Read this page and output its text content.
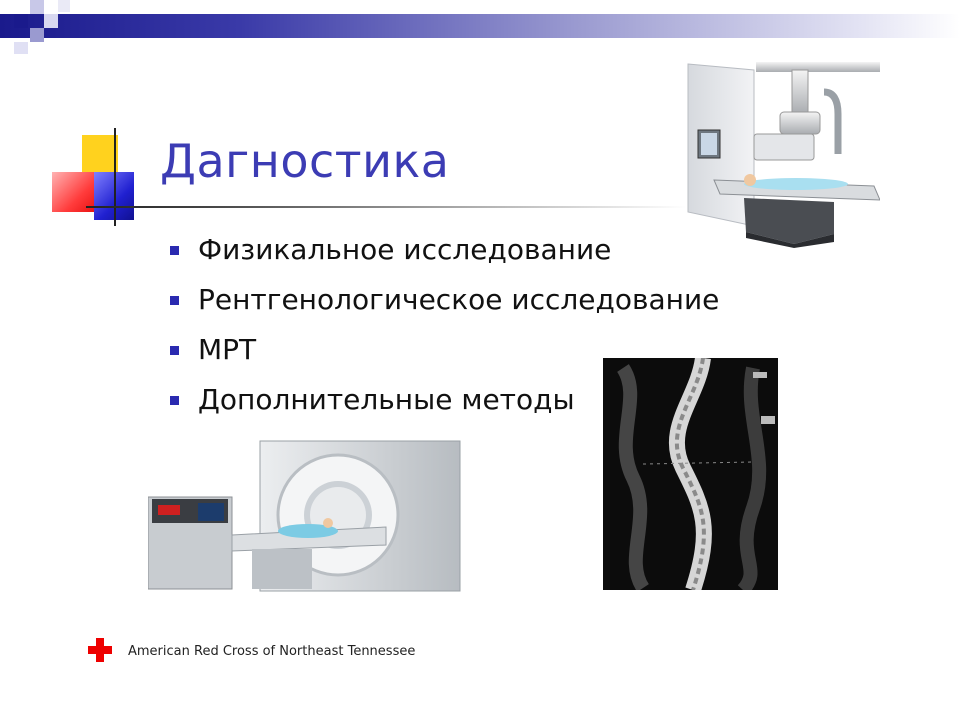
Дагностика
Физикальное исследование
Рентгенологическое исследование
МРТ
Дополнительные методы
American Red Cross of Northeast Tennessee
